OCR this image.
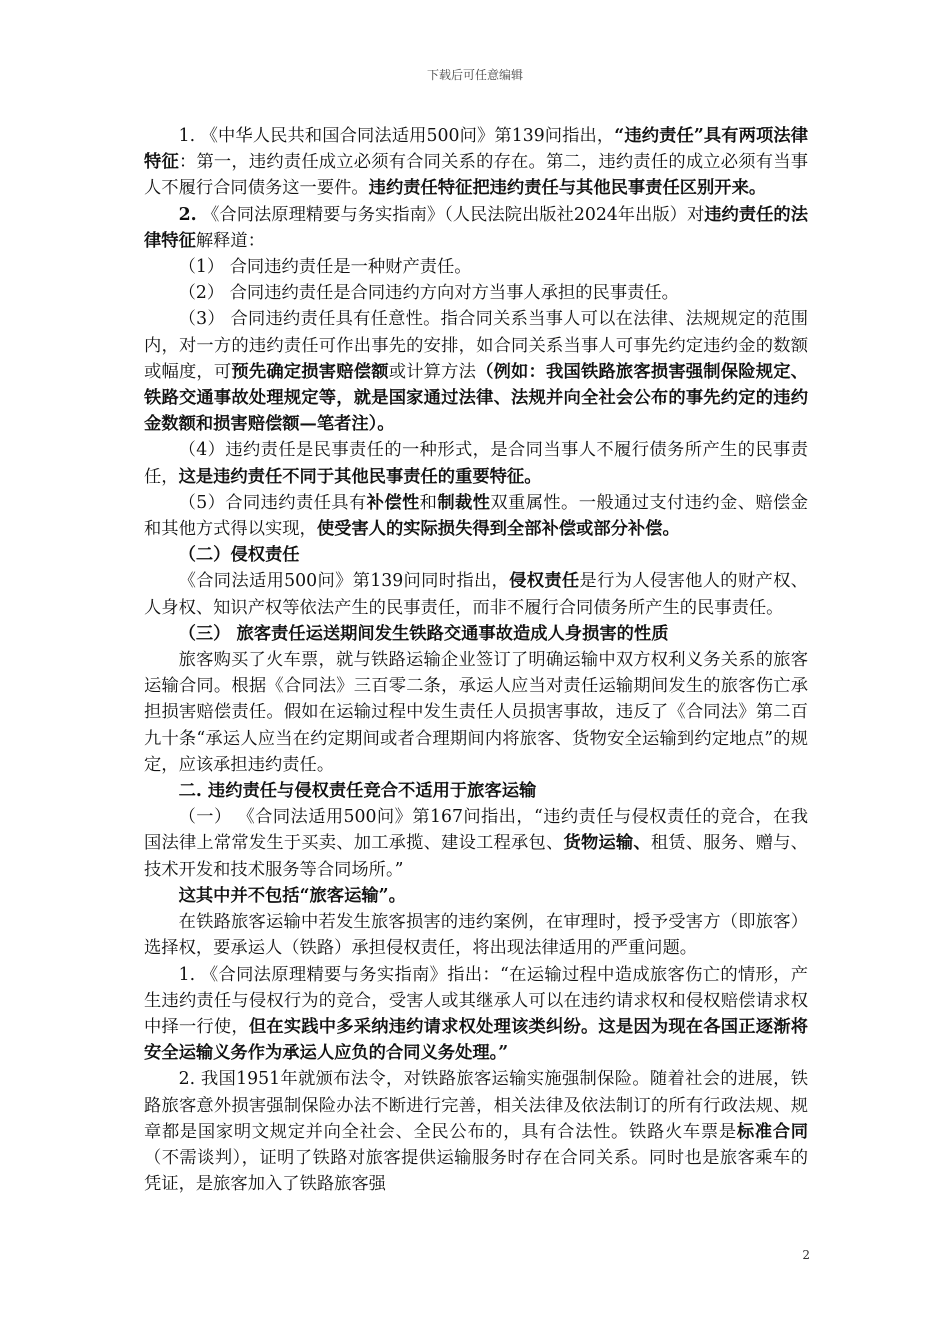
下载后可任意编辑

1. 《中华人民共和国合同法适用500问》第139问指出，“违约责任”具有两项法律特征：第一，违约责任成立必须有合同关系的存在。第二，违约责任的成立必须有当事人不履行合同债务这一要件。违约责任特征把违约责任与其他民事责任区别开来。

2. 《合同法原理精要与务实指南》（人民法院出版社2024年出版）对违约责任的法律特征解释道：

（1） 合同违约责任是一种财产责任。

（2） 合同违约责任是合同违约方向对方当事人承担的民事责任。

（3） 合同违约责任具有任意性。指合同关系当事人可以在法律、法规规定的范围内，对一方的违约责任可作出事先的安排，如合同关系当事人可事先约定违约金的数额或幅度，可预先确定损害赔偿额或计算方法（例如：我国铁路旅客损害强制保险规定、铁路交通事故处理规定等，就是国家通过法律、法规并向全社会公布的事先约定的违约金数额和损害赔偿额—笔者注）。

（4）违约责任是民事责任的一种形式，是合同当事人不履行债务所产生的民事责任，这是违约责任不同于其他民事责任的重要特征。

（5）合同违约责任具有补偿性和制裁性双重属性。一般通过支付违约金、赔偿金和其他方式得以实现，使受害人的实际损失得到全部补偿或部分补偿。

（二）侵权责任

《合同法适用500问》第139问同时指出，侵权责任是行为人侵害他人的财产权、人身权、知识产权等依法产生的民事责任，而非不履行合同债务所产生的民事责任。

（三） 旅客责任运送期间发生铁路交通事故造成人身损害的性质

旅客购买了火车票，就与铁路运输企业签订了明确运输中双方权利义务关系的旅客运输合同。根据《合同法》三百零二条，承运人应当对责任运输期间发生的旅客伤亡承担损害赔偿责任。假如在运输过程中发生责任人员损害事故，违反了《合同法》第二百九十条“承运人应当在约定期间或者合理期间内将旅客、货物安全运输到约定地点”的规定，应该承担违约责任。

二. 违约责任与侵权责任竞合不适用于旅客运输

（一） 《合同法适用500问》第167问指出，“违约责任与侵权责任的竞合，在我国法律上常常发生于买卖、加工承揽、建设工程承包、货物运输、租赁、服务、赠与、技术开发和技术服务等合同场所。”

这其中并不包括“旅客运输”。

在铁路旅客运输中若发生旅客损害的违约案例，在审理时，授予受害方（即旅客）选择权，要承运人（铁路）承担侵权责任，将出现法律适用的严重问题。

1. 《合同法原理精要与务实指南》指出：“在运输过程中造成旅客伤亡的情形，产生违约责任与侵权行为的竞合，受害人或其继承人可以在违约请求权和侵权赔偿请求权中择一行使，但在实践中多采纳违约请求权处理该类纠纷。这是因为现在各国正逐渐将安全运输义务作为承运人应负的合同义务处理。”

2. 我国1951年就颁布法令，对铁路旅客运输实施强制保险。随着社会的进展，铁路旅客意外损害强制保险办法不断进行完善，相关法律及依法制订的所有行政法规、规章都是国家明文规定并向全社会、全民公布的，具有合法性。铁路火车票是标准合同（不需谈判），证明了铁路对旅客提供运输服务时存在合同关系。同时也是旅客乘车的凭证，是旅客加入了铁路旅客强

2
